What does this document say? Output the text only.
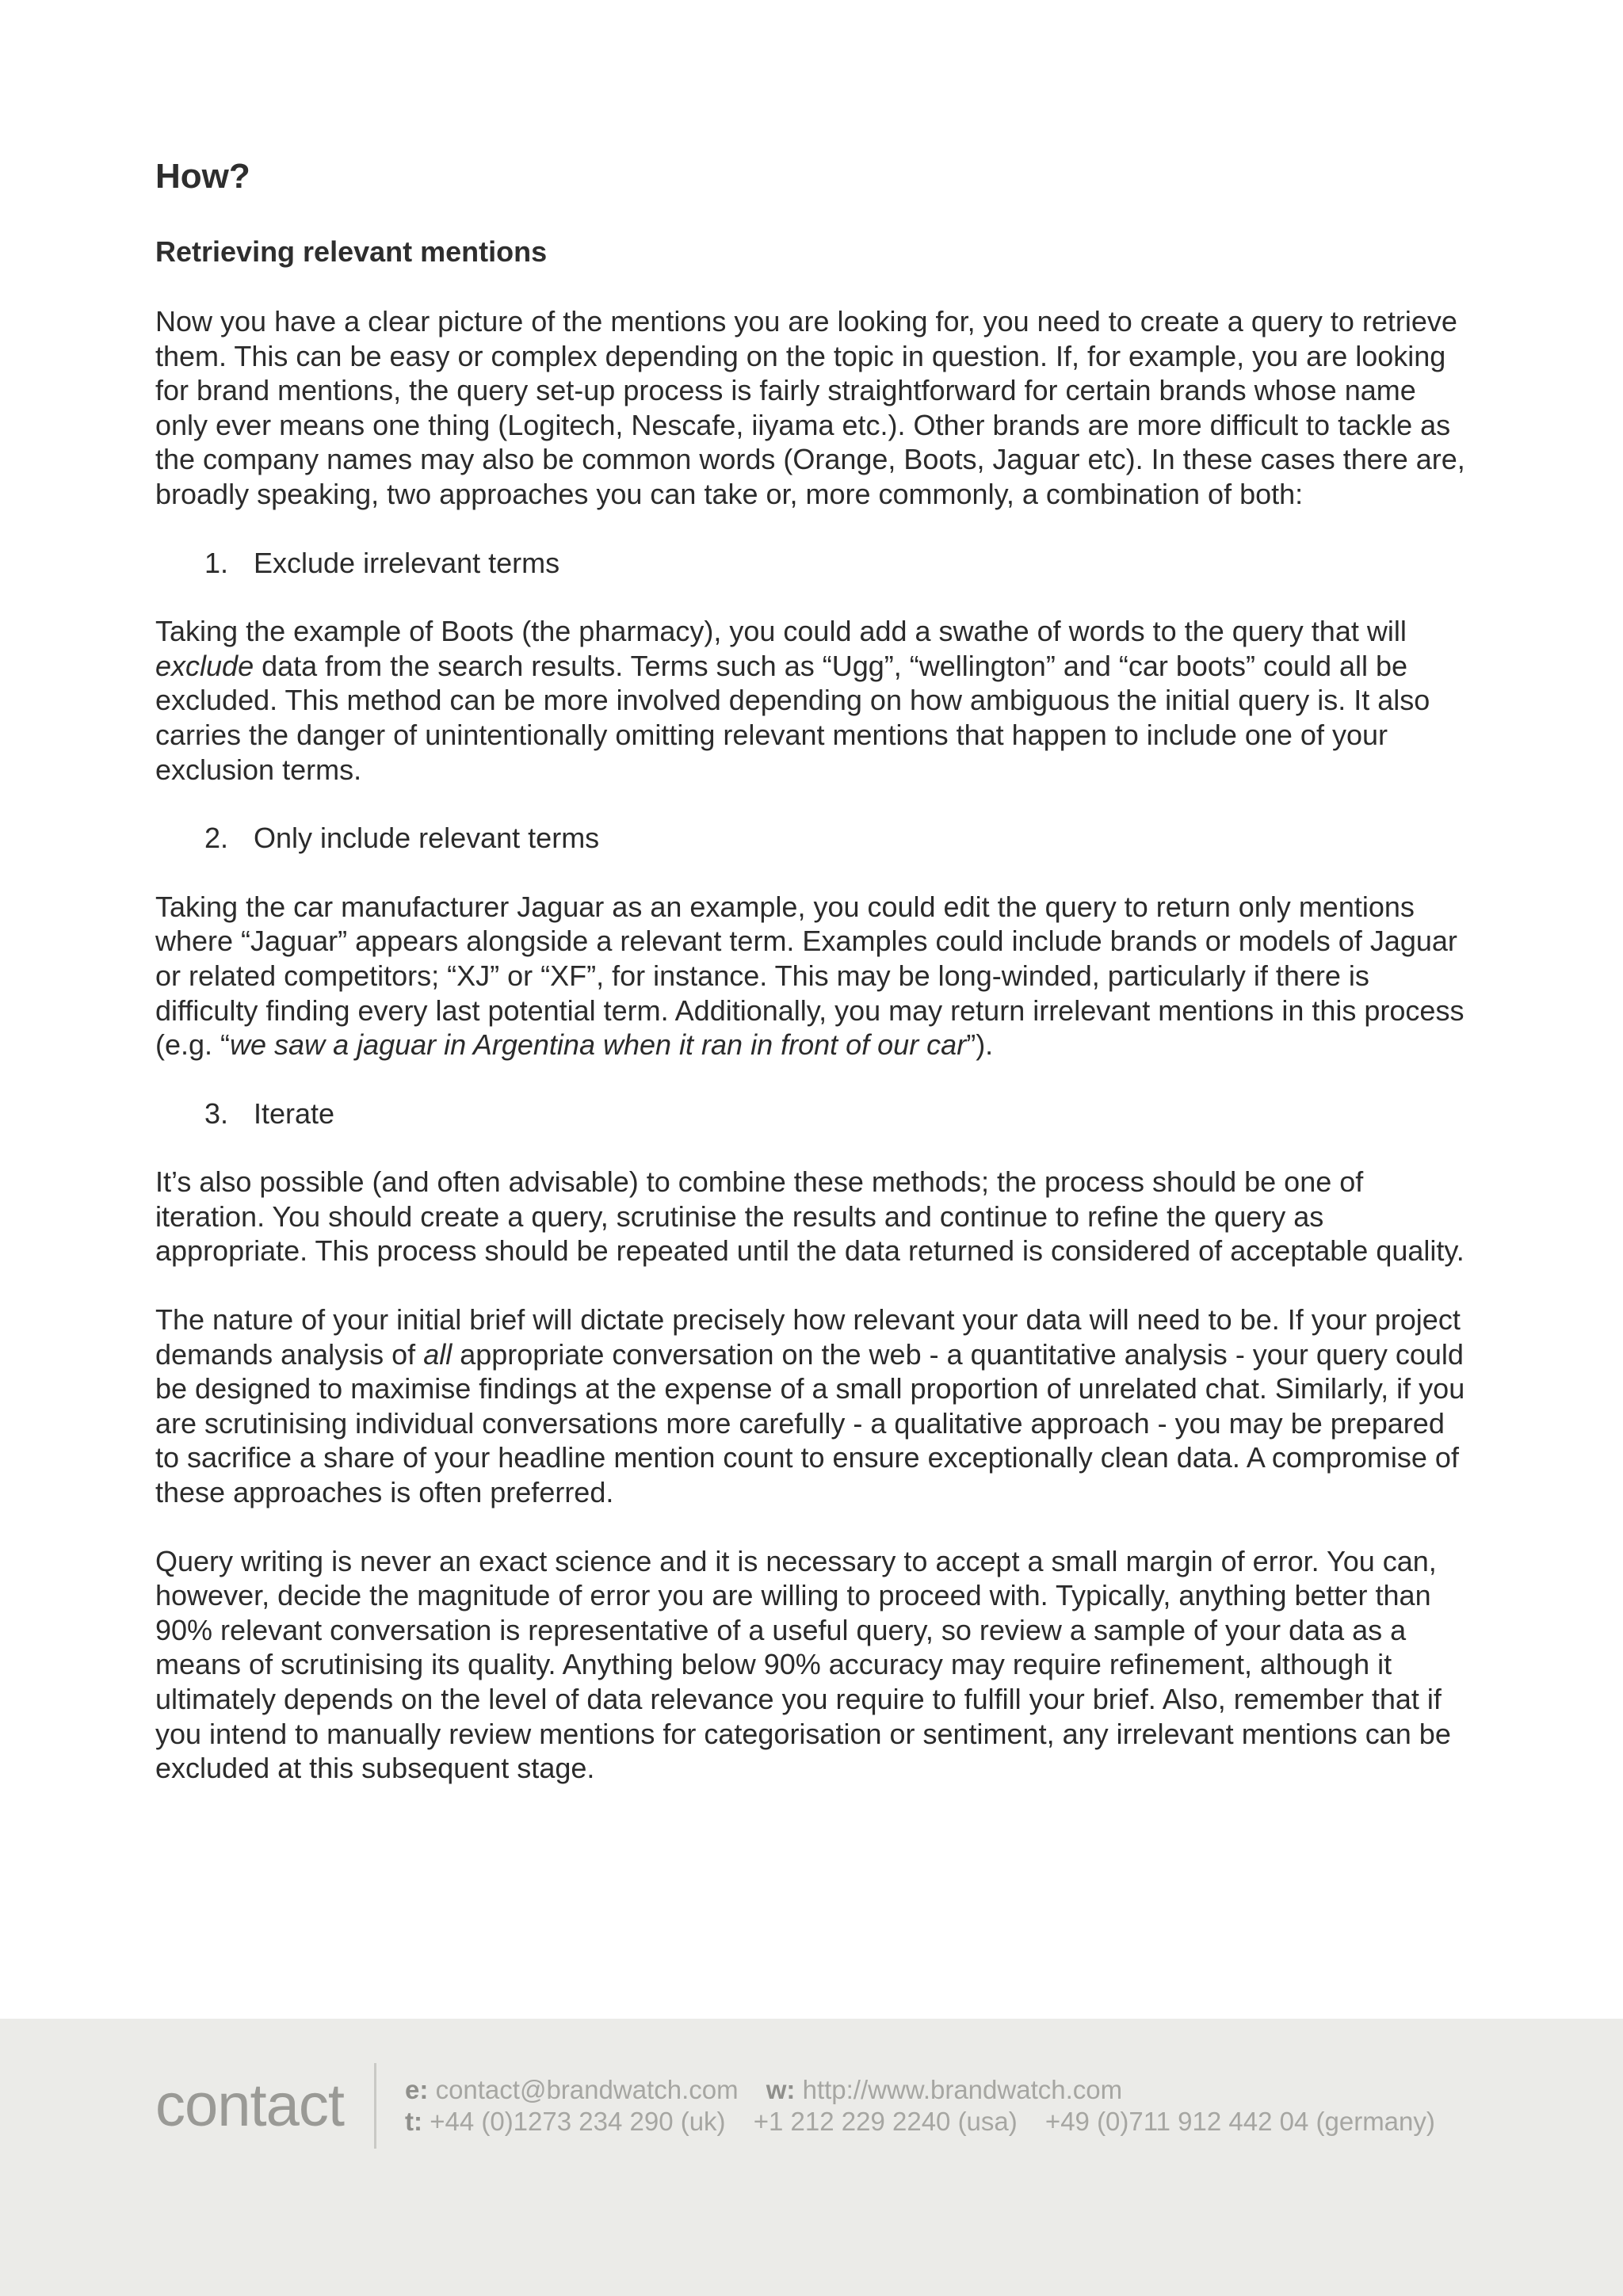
How?
Retrieving relevant mentions

Now you have a clear picture of the mentions you are looking for, you need to create a query to retrieve them. This can be easy or complex depending on the topic in question. If, for example, you are looking for brand mentions, the query set-up process is fairly straightforward for certain brands whose name only ever means one thing (Logitech, Nescafe, iiyama etc.). Other brands are more difficult to tackle as the company names may also be common words (Orange, Boots, Jaguar etc). In these cases there are, broadly speaking, two approaches you can take or, more commonly, a combination of both:

1. Exclude irrelevant terms

Taking the example of Boots (the pharmacy), you could add a swathe of words to the query that will exclude data from the search results. Terms such as “Ugg”, “wellington” and “car boots” could all be excluded. This method can be more involved depending on how ambiguous the initial query is. It also carries the danger of unintentionally omitting relevant mentions that happen to include one of your exclusion terms.

2. Only include relevant terms

Taking the car manufacturer Jaguar as an example, you could edit the query to return only mentions where “Jaguar” appears alongside a relevant term. Examples could include brands or models of Jaguar or related competitors; “XJ” or “XF”, for instance. This may be long-winded, particularly if there is difficulty finding every last potential term. Additionally, you may return irrelevant mentions in this process (e.g. “we saw a jaguar in Argentina when it ran in front of our car”).

3. Iterate

It’s also possible (and often advisable) to combine these methods; the process should be one of iteration. You should create a query, scrutinise the results and continue to refine the query as appropriate. This process should be repeated until the data returned is considered of acceptable quality.

The nature of your initial brief will dictate precisely how relevant your data will need to be. If your project demands analysis of all appropriate conversation on the web - a quantitative analysis - your query could be designed to maximise findings at the expense of a small proportion of unrelated chat. Similarly, if you are scrutinising individual conversations more carefully - a qualitative approach - you may be prepared to sacrifice a share of your headline mention count to ensure exceptionally clean data. A compromise of these approaches is often preferred.

Query writing is never an exact science and it is necessary to accept a small margin of error. You can, however, decide the magnitude of error you are willing to proceed with. Typically, anything better than 90% relevant conversation is representative of a useful query, so review a sample of your data as a means of scrutinising its quality. Anything below 90% accuracy may require refinement, although it ultimately depends on the level of data relevance you require to fulfill your brief. Also, remember that if you intend to manually review mentions for categorisation or sentiment, any irrelevant mentions can be excluded at this subsequent stage.

contact e: contact@brandwatch.com w: http://www.brandwatch.com
t: +44 (0)1273 234 290 (uk) +1 212 229 2240 (usa) +49 (0)711 912 442 04 (germany)
